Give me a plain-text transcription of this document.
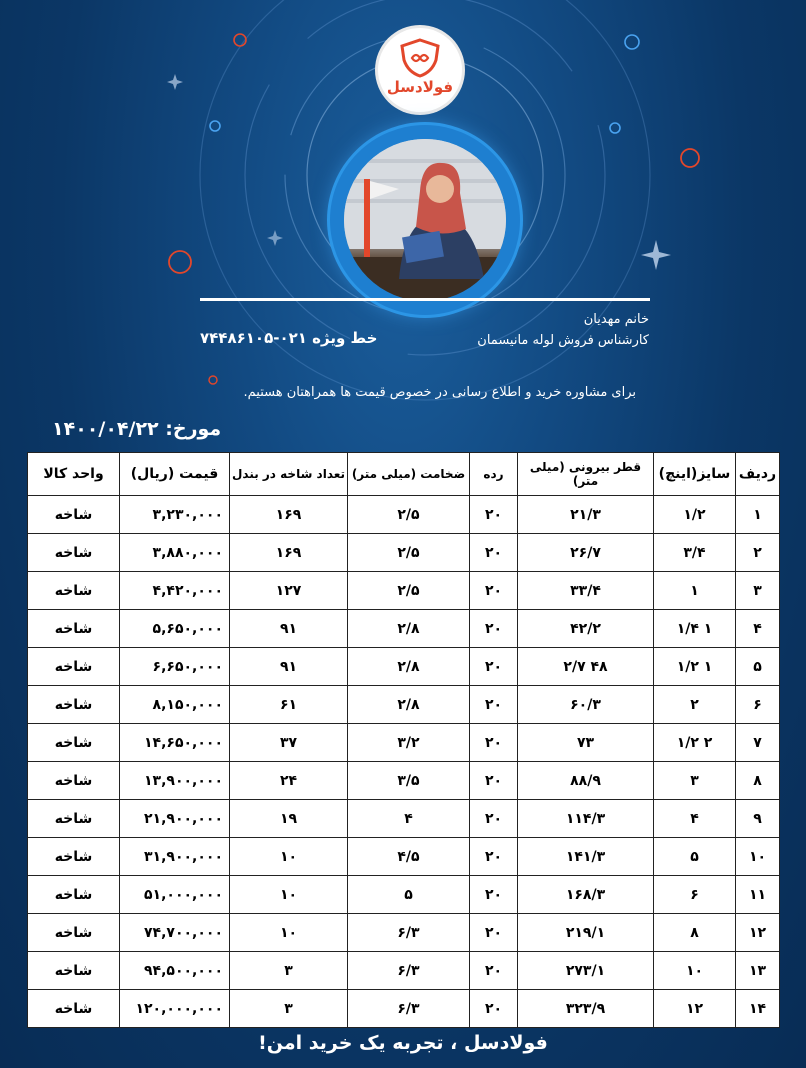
فولادسل
خانم مهدیان
کارشناس فروش لوله مانیسمان
خط ویژه ۰۲۱-۷۴۴۸۶۱۰۵
برای مشاوره خرید و اطلاع رسانی در خصوص قیمت ها همراهتان هستیم.
مورخ: ۱۴۰۰/۰۴/۲۲
ردیف	سایز(اینچ)	قطر بیرونی (میلی متر)	رده	ضخامت (میلی متر)	تعداد شاخه در بندل	قیمت (ریال)	واحد کالا
۱	۱/۲	۲۱/۳	۲۰	۲/۵	۱۶۹	۳,۲۳۰,۰۰۰	شاخه
۲	۳/۴	۲۶/۷	۲۰	۲/۵	۱۶۹	۳,۸۸۰,۰۰۰	شاخه
۳	۱	۳۳/۴	۲۰	۲/۵	۱۲۷	۴,۴۲۰,۰۰۰	شاخه
۴	۱ ۱/۴	۴۲/۲	۲۰	۲/۸	۹۱	۵,۶۵۰,۰۰۰	شاخه
۵	۱ ۱/۲	۴۸ ۲/۷	۲۰	۲/۸	۹۱	۶,۶۵۰,۰۰۰	شاخه
۶	۲	۶۰/۳	۲۰	۲/۸	۶۱	۸,۱۵۰,۰۰۰	شاخه
۷	۲ ۱/۲	۷۳	۲۰	۳/۲	۳۷	۱۴,۶۵۰,۰۰۰	شاخه
۸	۳	۸۸/۹	۲۰	۳/۵	۲۴	۱۳,۹۰۰,۰۰۰	شاخه
۹	۴	۱۱۴/۳	۲۰	۴	۱۹	۲۱,۹۰۰,۰۰۰	شاخه
۱۰	۵	۱۴۱/۳	۲۰	۴/۵	۱۰	۳۱,۹۰۰,۰۰۰	شاخه
۱۱	۶	۱۶۸/۳	۲۰	۵	۱۰	۵۱,۰۰۰,۰۰۰	شاخه
۱۲	۸	۲۱۹/۱	۲۰	۶/۳	۱۰	۷۴,۷۰۰,۰۰۰	شاخه
۱۳	۱۰	۲۷۳/۱	۲۰	۶/۳	۳	۹۴,۵۰۰,۰۰۰	شاخه
۱۴	۱۲	۳۲۳/۹	۲۰	۶/۳	۳	۱۲۰,۰۰۰,۰۰۰	شاخه
فولادسل ، تجربه یک خرید امن!
